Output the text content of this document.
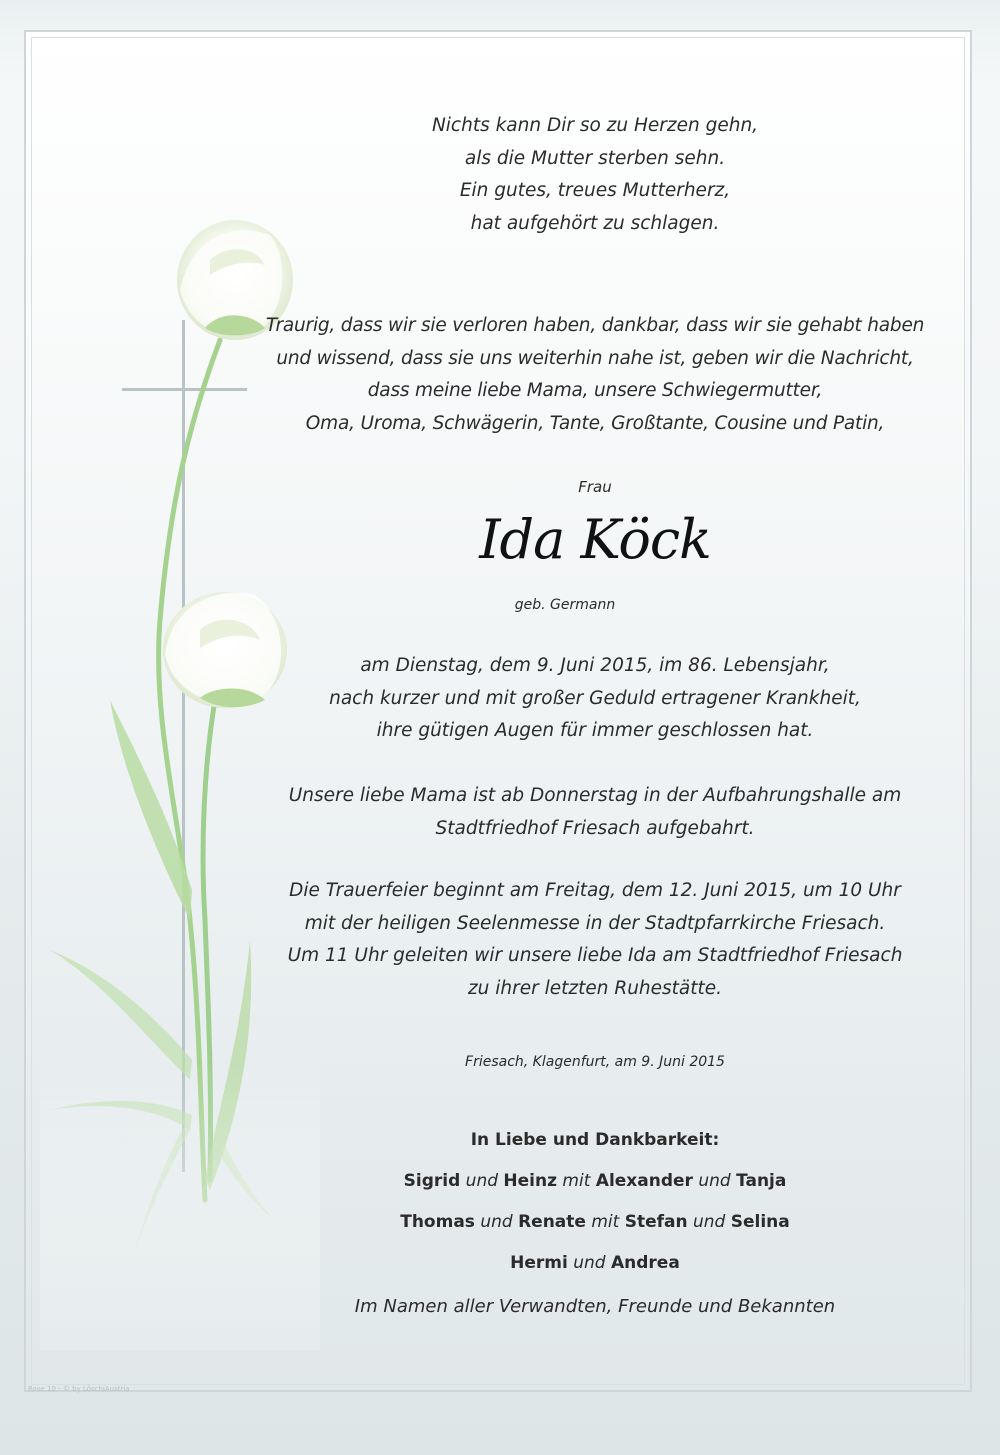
Nichts kann Dir so zu Herzen gehn,
als die Mutter sterben sehn.
Ein gutes, treues Mutterherz,
hat aufgehört zu schlagen.
Traurig, dass wir sie verloren haben, dankbar, dass wir sie gehabt haben
und wissend, dass sie uns weiterhin nahe ist, geben wir die Nachricht,
dass meine liebe Mama, unsere Schwiegermutter,
Oma, Uroma, Schwägerin, Tante, Großtante, Cousine und Patin,
Frau
Ida Köck
geb. Germann
am Dienstag, dem 9. Juni 2015, im 86. Lebensjahr,
nach kurzer und mit großer Geduld ertragener Krankheit,
ihre gütigen Augen für immer geschlossen hat.
Unsere liebe Mama ist ab Donnerstag in der Aufbahrungshalle am
Stadtfriedhof Friesach aufgebahrt.
Die Trauerfeier beginnt am Freitag, dem 12. Juni 2015, um 10 Uhr
mit der heiligen Seelenmesse in der Stadtpfarrkirche Friesach.
Um 11 Uhr geleiten wir unsere liebe Ida am Stadtfriedhof Friesach
zu ihrer letzten Ruhestätte.
Friesach, Klagenfurt, am 9. Juni 2015
In Liebe und Dankbarkeit:
Sigrid und Heinz mit Alexander und Tanja
Thomas und Renate mit Stefan und Selina
Hermi und Andrea
Im Namen aller Verwandten, Freunde und Bekannten
Rose 10 - © by LöschiAustria
